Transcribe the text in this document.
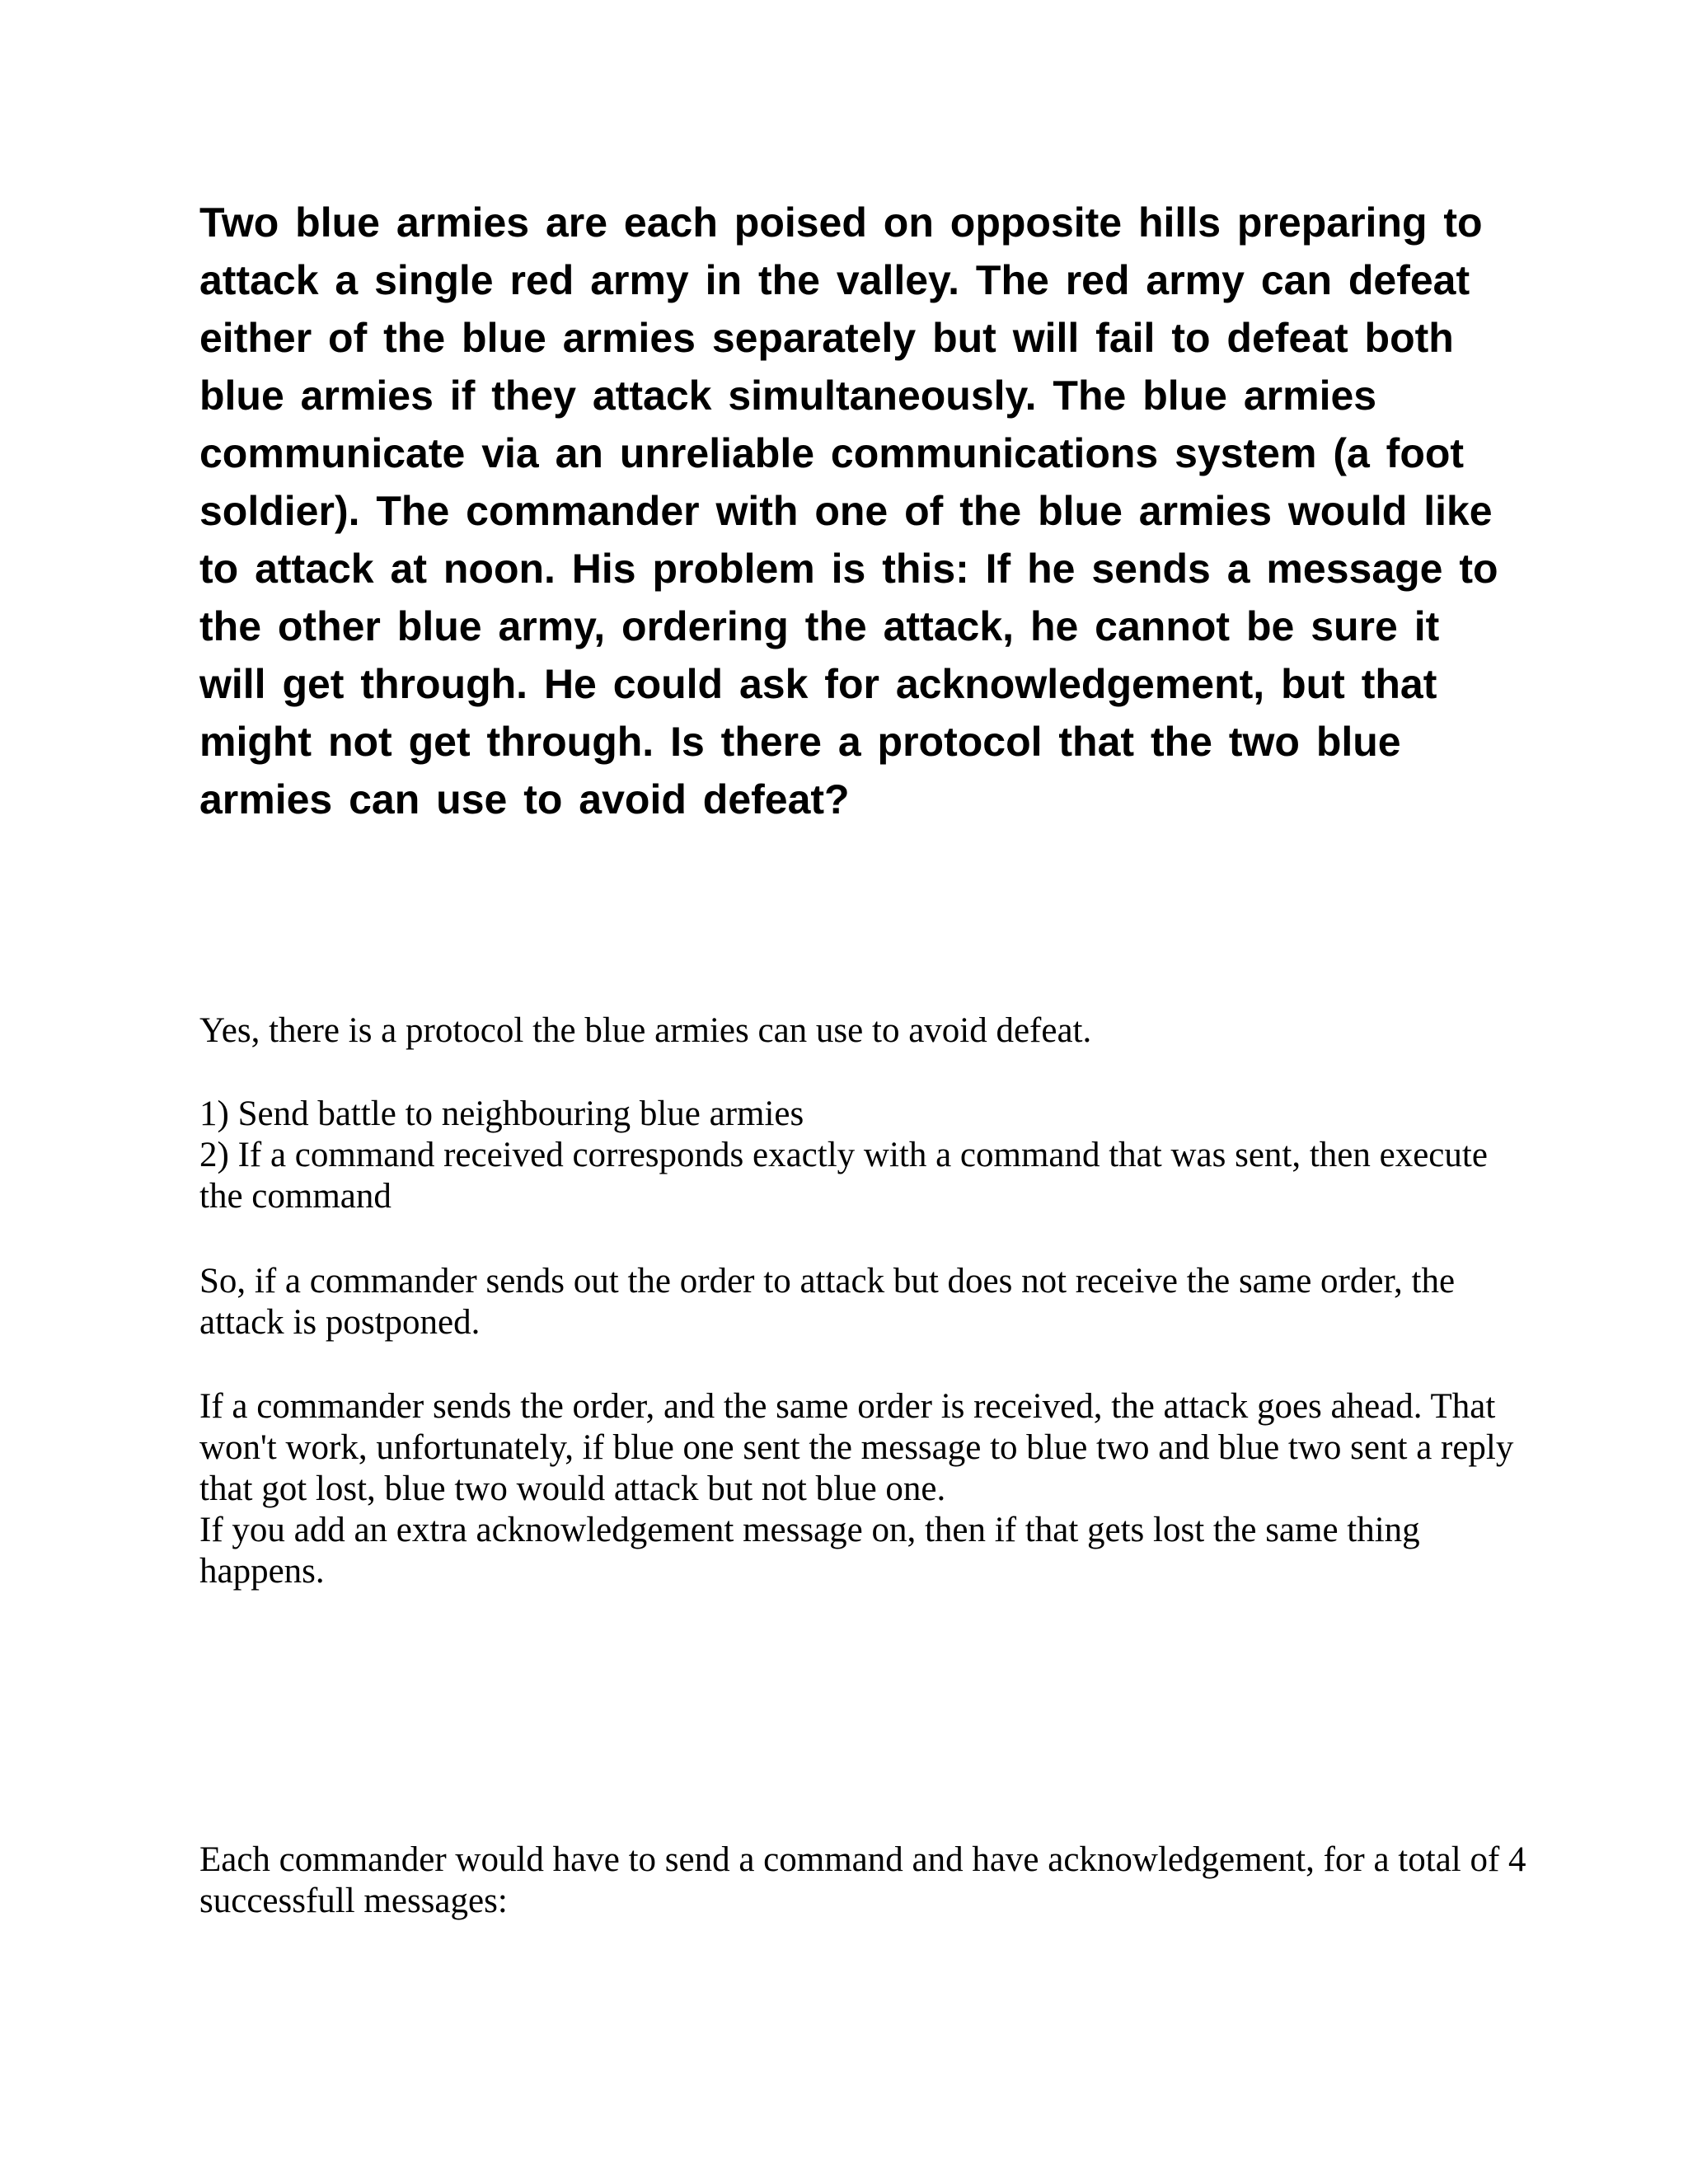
Two blue armies are each poised on opposite hills preparing to attack a single red army in the valley. The red army can defeat either of the blue armies separately but will fail to defeat both blue armies if they attack simultaneously. The blue armies communicate via an unreliable communications system (a foot soldier). The commander with one of the blue armies would like to attack at noon. His problem is this: If he sends a message to the other blue army, ordering the attack, he cannot be sure it will get through. He could ask for acknowledgement, but that might not get through. Is there a protocol that the two blue armies can use to avoid defeat?

Yes, there is a protocol the blue armies can use to avoid defeat.

1) Send battle to neighbouring blue armies

2) If a command received corresponds exactly with a command that was sent, then execute the command

So, if a commander sends out the order to attack but does not receive the same order, the attack is postponed.

If a commander sends the order, and the same order is received, the attack goes ahead. That won't work, unfortunately, if blue one sent the message to blue two and blue two sent a reply that got lost, blue two would attack but not blue one.

If you add an extra acknowledgement message on, then if that gets lost the same thing happens.

Each commander would have to send a command and have acknowledgement, for a total of 4 successfull messages:
